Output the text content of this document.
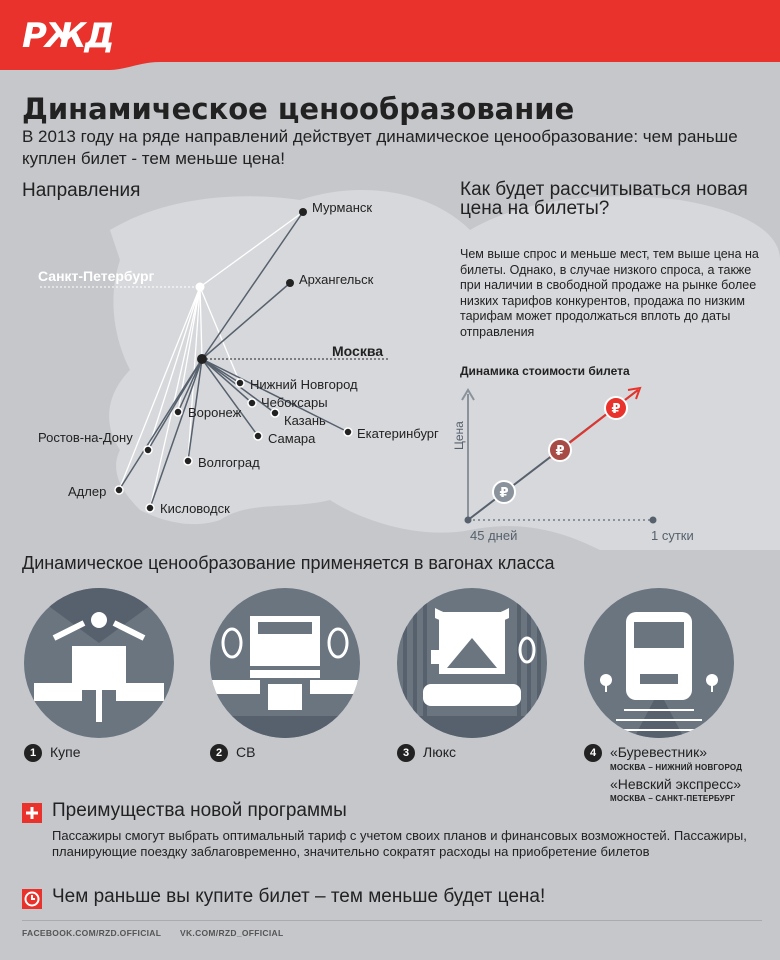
РЖД
Динамическое ценообразование
В 2013 году на ряде направлений действует динамическое ценообразование: чем раньше куплен билет - тем меньше цена!
Направления
Санкт-Петербург
Москва
Мурманск
Архангельск
Нижний Новгород
Чебоксары
Воронеж
Казань
Самара	Екатеринбург
Ростов-на-Дону
Волгоград
Адлер
Кисловодск
Как будет рассчитываться новая цена на билеты?
Чем выше спрос и меньше мест, тем выше цена на билеты. Однако, в случае низкого спроса, а также при наличии в свободной продаже на рынке более низких тарифов конкурентов, продажа по низким тарифам может продолжаться вплоть до даты отправления
Динамика стоимости билета
₽
₽
₽
Цена
45 дней	1 сутки
Динамическое ценообразование применяется в вагонах класса
1 Купе	2 СВ	3 Люкс	4 «Буревестник»
МОСКВА – НИЖНИЙ НОВГОРОД
«Невский экспресс»
МОСКВА – САНКТ-ПЕТЕРБУРГ
Преимущества новой программы
Пассажиры смогут выбрать оптимальный тариф с учетом своих планов и финансовых возможностей. Пассажиры, планирующие поездку заблаговременно, значительно сократят расходы на приобретение билетов
Чем раньше вы купите билет – тем меньше будет цена!
FACEBOOK.COM/RZD.OFFICIAL VK.COM/RZD_OFFICIAL
